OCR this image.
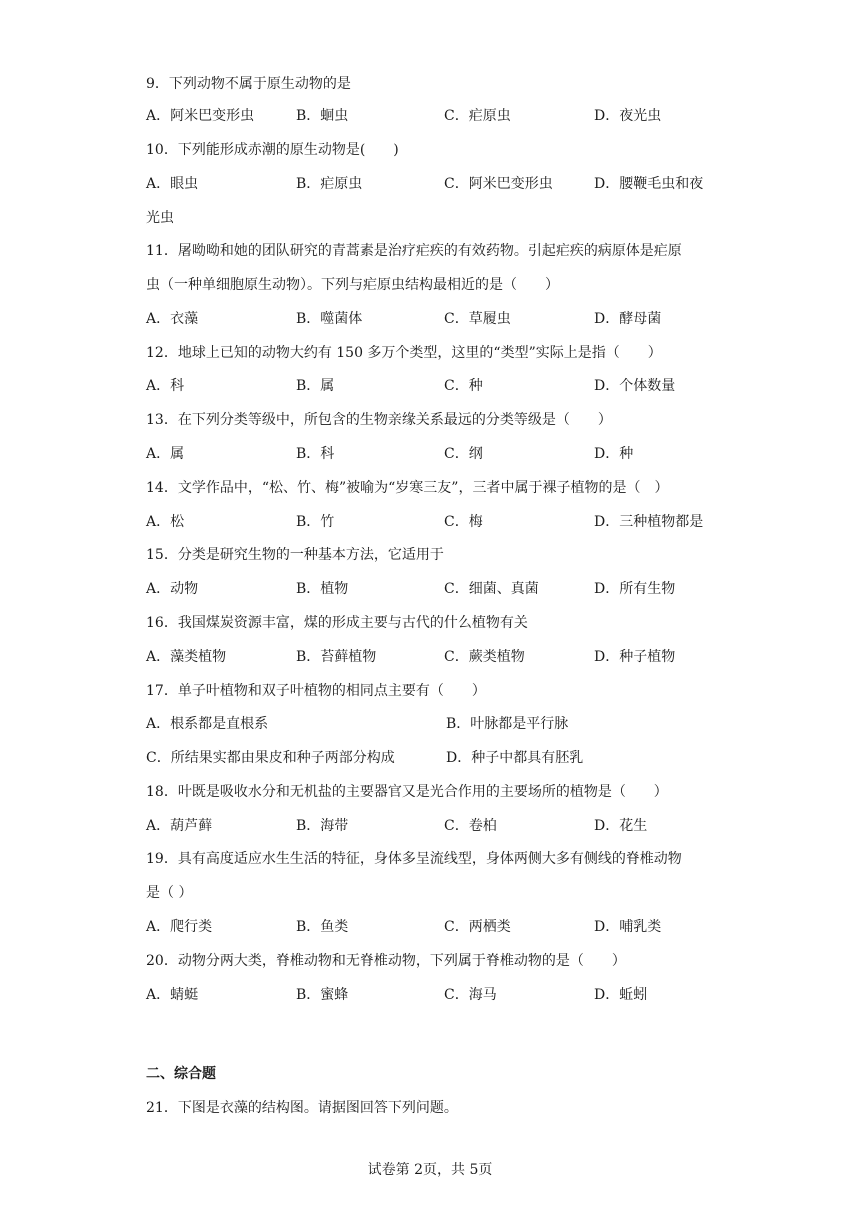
9．下列动物不属于原生动物的是
A．阿米巴变形虫	B．蛔虫	C．疟原虫	D．夜光虫
10．下列能形成赤潮的原生动物是(　　)
A．眼虫	B．疟原虫	C．阿米巴变形虫	D．腰鞭毛虫和夜
光虫
11．屠呦呦和她的团队研究的青蒿素是治疗疟疾的有效药物。引起疟疾的病原体是疟原
虫（一种单细胞原生动物）。下列与疟原虫结构最相近的是（　　）
A．衣藻	B．噬菌体	C．草履虫	D．酵母菌
12．地球上已知的动物大约有 150 多万个类型，这里的“类型”实际上是指（　　）
A．科	B．属	C．种	D．个体数量
13．在下列分类等级中，所包含的生物亲缘关系最远的分类等级是（　　）
A．属	B．科	C．纲	D．种
14．文学作品中，“松、竹、梅”被喻为“岁寒三友”，三者中属于裸子植物的是（　）
A．松	B．竹	C．梅	D．三种植物都是
15．分类是研究生物的一种基本方法，它适用于
A．动物	B．植物	C．细菌、真菌	D．所有生物
16．我国煤炭资源丰富，煤的形成主要与古代的什么植物有关
A．藻类植物	B．苔藓植物	C．蕨类植物	D．种子植物
17．单子叶植物和双子叶植物的相同点主要有（　　）
A．根系都是直根系	B．叶脉都是平行脉
C．所结果实都由果皮和种子两部分构成	D．种子中都具有胚乳
18．叶既是吸收水分和无机盐的主要器官又是光合作用的主要场所的植物是（　　）
A．葫芦藓	B．海带	C．卷柏	D．花生
19．具有高度适应水生生活的特征，身体多呈流线型，身体两侧大多有侧线的脊椎动物
是（ ）
A．爬行类	B．鱼类	C．两栖类	D．哺乳类
20．动物分两大类，脊椎动物和无脊椎动物，下列属于脊椎动物的是（　　）
A．蜻蜓	B．蜜蜂	C．海马	D．蚯蚓
二、综合题
21．下图是衣藻的结构图。请据图回答下列问题。
试卷第 2页，共 5页
